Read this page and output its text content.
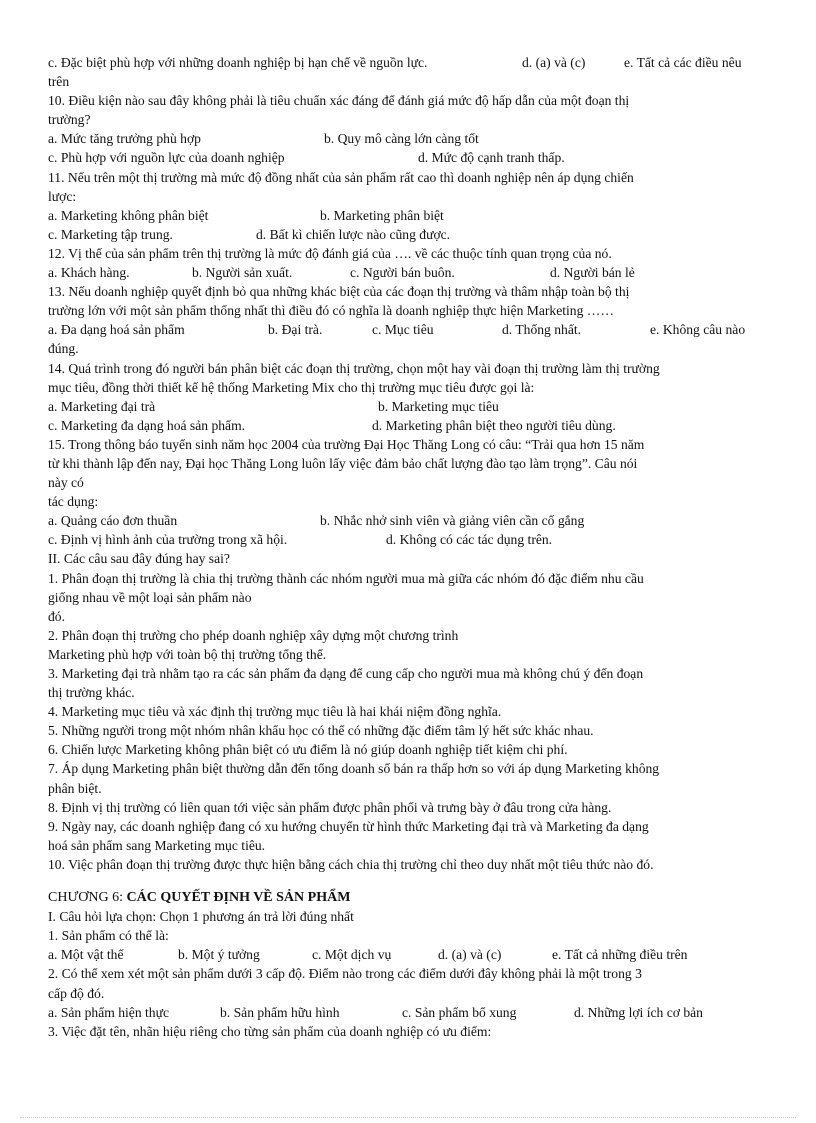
c. Đặc biệt phù hợp với những doanh nghiệp bị hạn chế về nguồn lực.	d. (a) và (c)	e. Tất cả các điều nêu
trên
10. Điều kiện nào sau đây không phải là tiêu chuẩn xác đáng để đánh giá mức độ hấp dẫn của một đoạn thị
trường?
a. Mức tăng trưởng phù hợp	b. Quy mô càng lớn càng tốt
c. Phù hợp với nguồn lực của doanh nghiệp	d. Mức độ cạnh tranh thấp.
11. Nếu trên một thị trường mà mức độ đồng nhất của sản phẩm rất cao thì doanh nghiệp nên áp dụng chiến
lược:
a. Marketing không phân biệt	b. Marketing phân biệt
c. Marketing tập trung.	d. Bất kì chiến lược nào cũng được.
12. Vị thế của sản phẩm trên thị trường là mức độ đánh giá của …. về các thuộc tính quan trọng của nó.
a. Khách hàng.	b. Người sản xuất.	c. Người bán buôn.	d. Người bán lẻ
13. Nếu doanh nghiệp quyết định bỏ qua những khác biệt của các đoạn thị trường và thâm nhập toàn bộ thị
trường lớn với một sản phẩm thống nhất thì điều đó có nghĩa là doanh nghiệp thực hiện Marketing ……
a. Đa dạng hoá sản phẩm	b. Đại trà.	c. Mục tiêu	d. Thống nhất.	e. Không câu nào
đúng.
14. Quá trình trong đó người bán phân biệt các đoạn thị trường, chọn một hay vài đoạn thị trường làm thị trường
mục tiêu, đồng thời thiết kế hệ thống Marketing Mix cho thị trường mục tiêu được gọi là:
a. Marketing đại trà	b. Marketing mục tiêu
c. Marketing đa dạng hoá sản phẩm.	d. Marketing phân biệt theo người tiêu dùng.
15. Trong thông báo tuyển sinh năm học 2004 của trường Đại Học Thăng Long có câu: “Trải qua hơn 15 năm
từ khi thành lập đến nay, Đại học Thăng Long luôn lấy việc đảm bảo chất lượng đào tạo làm trọng”. Câu nói
này có
tác dụng:
a. Quảng cáo đơn thuần	b. Nhắc nhở sinh viên và giảng viên cần cố gắng
c. Định vị hình ảnh của trường trong xã hội.	d. Không có các tác dụng trên.
II. Các câu sau đây đúng hay sai?
1. Phân đoạn thị trường là chia thị trường thành các nhóm người mua mà giữa các nhóm đó đặc điểm nhu cầu
giống nhau về một loại sản phẩm nào
đó.
2. Phân đoạn thị trường cho phép doanh nghiệp xây dựng một chương trình
Marketing phù hợp với toàn bộ thị trường tổng thể.
3. Marketing đại trà nhằm tạo ra các sản phẩm đa dạng để cung cấp cho người mua mà không chú ý đến đoạn
thị trường khác.
4. Marketing mục tiêu và xác định thị trường mục tiêu là hai khái niệm đồng nghĩa.
5. Những người trong một nhóm nhân khẩu học có thể có những đặc điểm tâm lý hết sức khác nhau.
6. Chiến lược Marketing không phân biệt có ưu điểm là nó giúp doanh nghiệp tiết kiệm chi phí.
7. Áp dụng Marketing phân biệt thường dẫn đến tổng doanh số bán ra thấp hơn so với áp dụng Marketing không
phân biệt.
8. Định vị thị trường có liên quan tới việc sản phẩm được phân phối và trưng bày ở đâu trong cửa hàng.
9. Ngày nay, các doanh nghiệp đang có xu hướng chuyển từ hình thức Marketing đại trà và Marketing đa dạng
hoá sản phẩm sang Marketing mục tiêu.
10. Việc phân đoạn thị trường được thực hiện bằng cách chia thị trường chỉ theo duy nhất một tiêu thức nào đó.
CHƯƠNG 6: CÁC QUYẾT ĐỊNH VỀ SẢN PHẨM
I. Câu hỏi lựa chọn: Chọn 1 phương án trả lời đúng nhất
1. Sản phẩm có thể là:
a. Một vật thể	b. Một ý tưởng	c. Một dịch vụ	d. (a) và (c)	e. Tất cả những điều trên
2. Có thể xem xét một sản phẩm dưới 3 cấp độ. Điểm nào trong các điểm dưới đây không phải là một trong 3
cấp độ đó.
a. Sản phẩm hiện thực	b. Sản phẩm hữu hình	c. Sản phẩm bổ xung	d. Những lợi ích cơ bản
3. Việc đặt tên, nhãn hiệu riêng cho từng sản phẩm của doanh nghiệp có ưu điểm:
